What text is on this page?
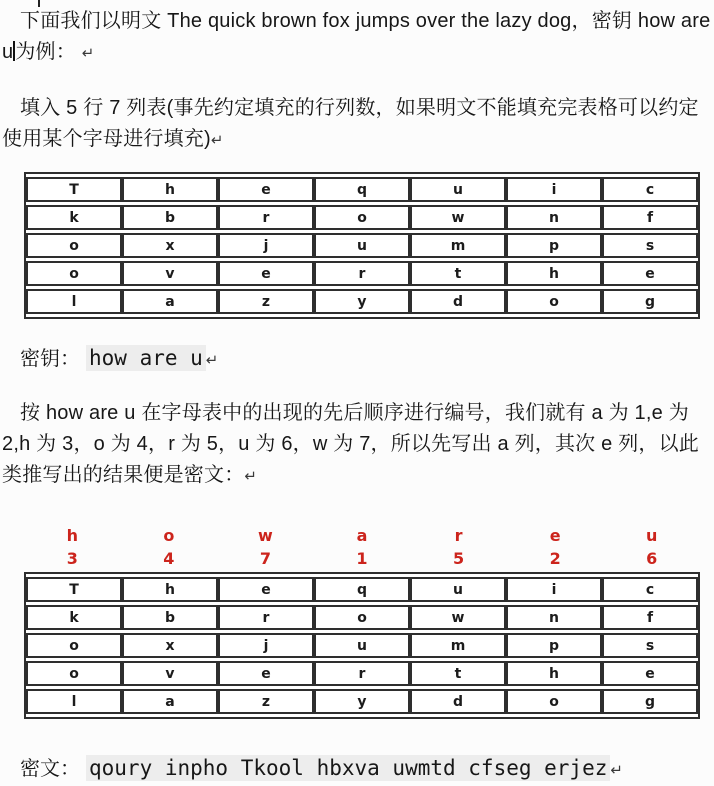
下面我们以明文 The quick brown fox jumps over the lazy dog，密钥 how are u 为例： ↵

填入 5 行 7 列表(事先约定填充的行列数，如果明文不能填充完表格可以约定使用某个字母进行填充)↵

T	h	e	q	u	i	c
k	b	r	o	w	n	f
o	x	j	u	m	p	s
o	v	e	r	t	h	e
l	a	z	y	d	o	g

密钥： how are u ↵

按 how are u 在字母表中的出现的先后顺序进行编号，我们就有 a 为 1,e 为 2,h 为 3，o 为 4，r 为 5，u 为 6，w 为 7，所以先写出 a 列，其次 e 列，以此类推写出的结果便是密文：↵

h	o	w	a	r	e	u
3	4	7	1	5	2	6
T	h	e	q	u	i	c
k	b	r	o	w	n	f
o	x	j	u	m	p	s
o	v	e	r	t	h	e
l	a	z	y	d	o	g

密文： qoury inpho Tkool hbxva uwmtd cfseg erjez ↵
